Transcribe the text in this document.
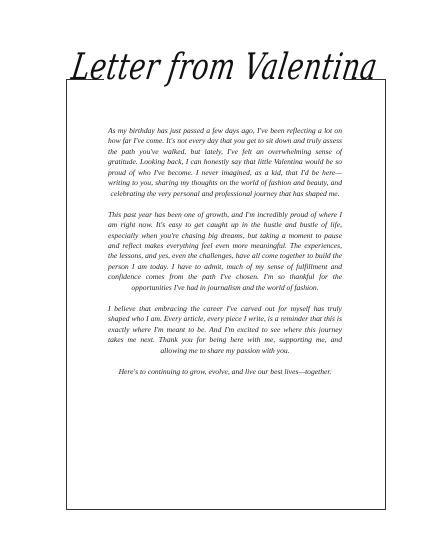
Letter from Valentina

As my birthday has just passed a few days ago, I've been reflecting a lot on how far I've come. It's not every day that you get to sit down and truly assess the path you've walked, but lately, I've felt an overwhelming sense of gratitude. Looking back, I can honestly say that little Valentina would be so proud of who I've become. I never imagined, as a kid, that I'd be here—writing to you, sharing my thoughts on the world of fashion and beauty, and celebrating the very personal and professional journey that has shaped me.

This past year has been one of growth, and I'm incredibly proud of where I am right now. It's easy to get caught up in the hustle and bustle of life, especially when you're chasing big dreams, but taking a moment to pause and reflect makes everything feel even more meaningful. The experiences, the lessons, and yes, even the challenges, have all come together to build the person I am today. I have to admit, much of my sense of fulfillment and confidence comes from the path I've chosen. I'm so thankful for the opportunities I've had in journalism and the world of fashion.

I believe that embracing the career I've carved out for myself has truly shaped who I am. Every article, every piece I write, is a reminder that this is exactly where I'm meant to be. And I'm excited to see where this journey takes me next. Thank you for being here with me, supporting me, and allowing me to share my passion with you.

Here's to continuing to grow, evolve, and live our best lives—together.
